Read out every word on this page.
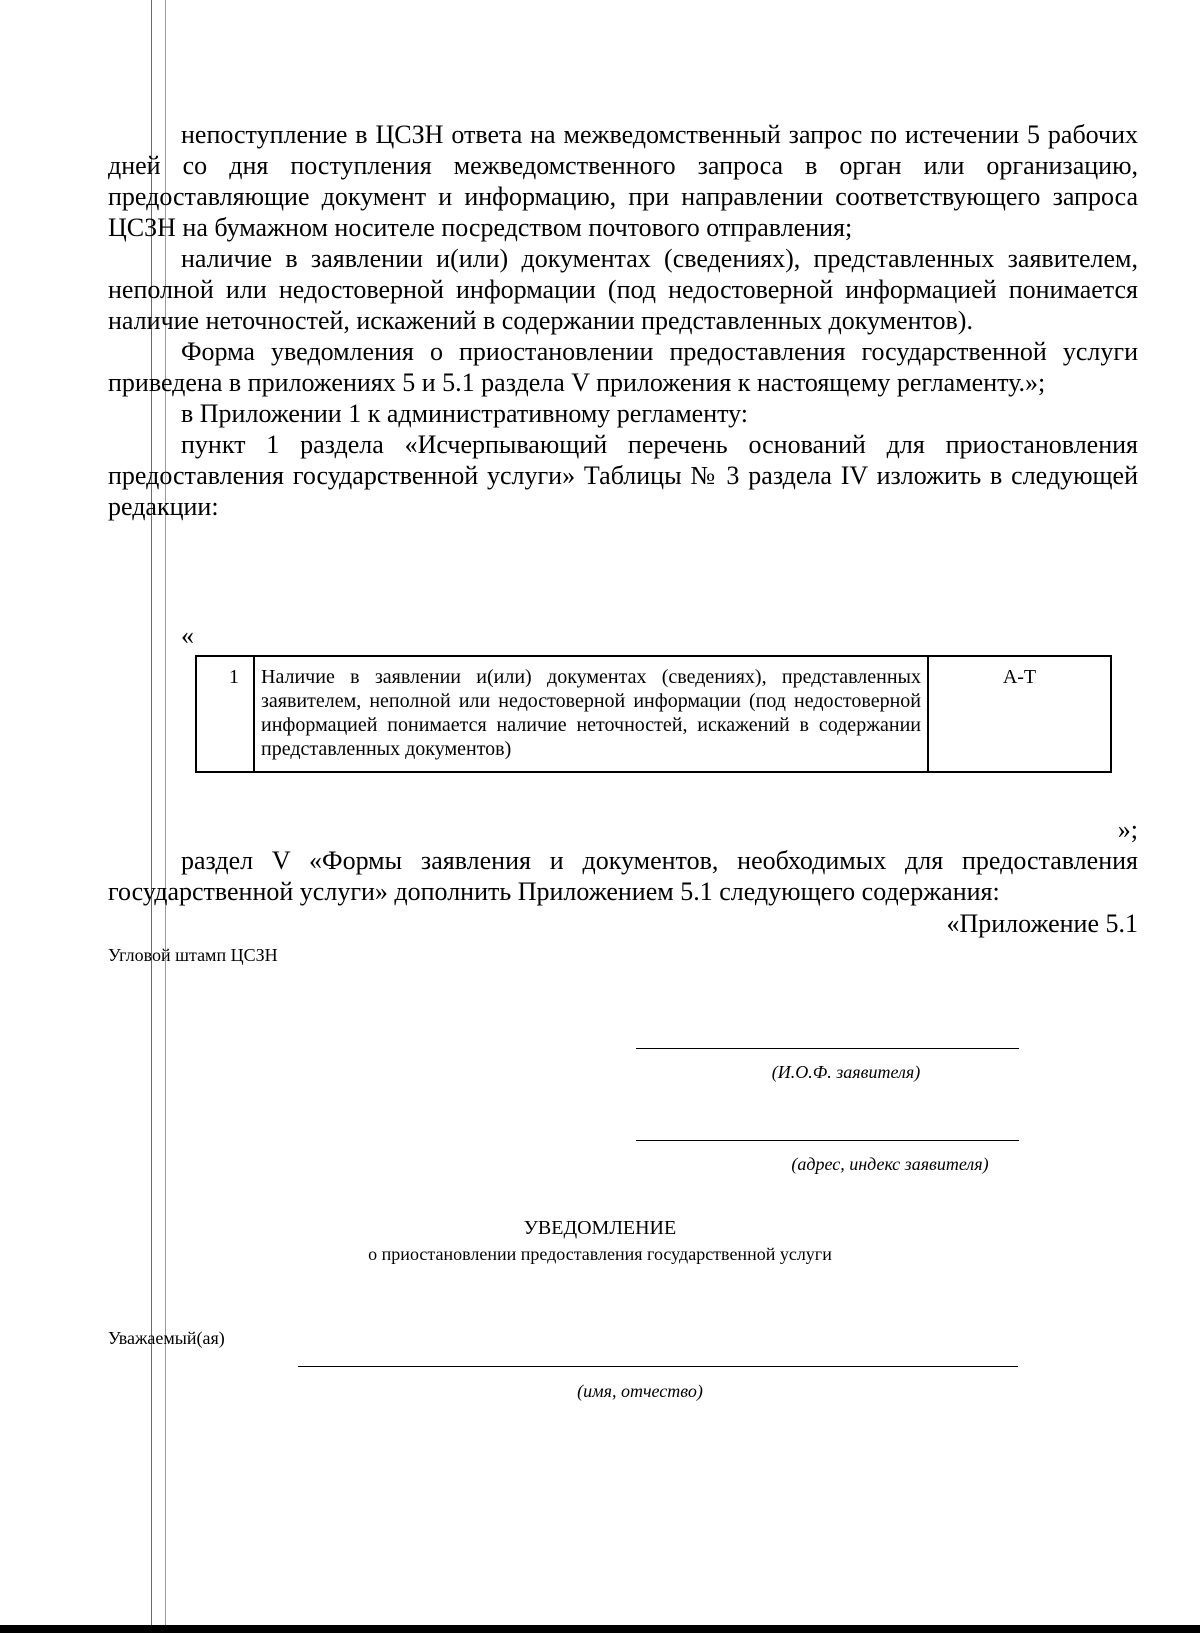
непоступление в ЦСЗН ответа на межведомственный запрос по истечении 5 рабочих дней со дня поступления межведомственного запроса в орган или организацию, предоставляющие документ и информацию, при направлении соответствующего запроса ЦСЗН на бумажном носителе посредством почтового отправления;

наличие в заявлении и(или) документах (сведениях), представленных заявителем, неполной или недостоверной информации (под недостоверной информацией понимается наличие неточностей, искажений в содержании представленных документов).

Форма уведомления о приостановлении предоставления государственной услуги приведена в приложениях 5 и 5.1 раздела V приложения к настоящему регламенту.»;

в Приложении 1 к административному регламенту:

пункт 1 раздела «Исчерпывающий перечень оснований для приостановления предоставления государственной услуги» Таблицы № 3 раздела IV изложить в следующей редакции:

«
1	Наличие в заявлении и(или) документах (сведениях), представленных заявителем, неполной или недостоверной информации (под недостоверной информацией понимается наличие неточностей, искажений в содержании представленных документов)	А-Т
»;

раздел V «Формы заявления и документов, необходимых для предоставления государственной услуги» дополнить Приложением 5.1 следующего содержания:

«Приложение 5.1
Угловой штамп ЦСЗН
(И.О.Ф. заявителя)
(адрес, индекс заявителя)
УВЕДОМЛЕНИЕ
о приостановлении предоставления государственной услуги
Уважаемый(ая)
(имя, отчество)
